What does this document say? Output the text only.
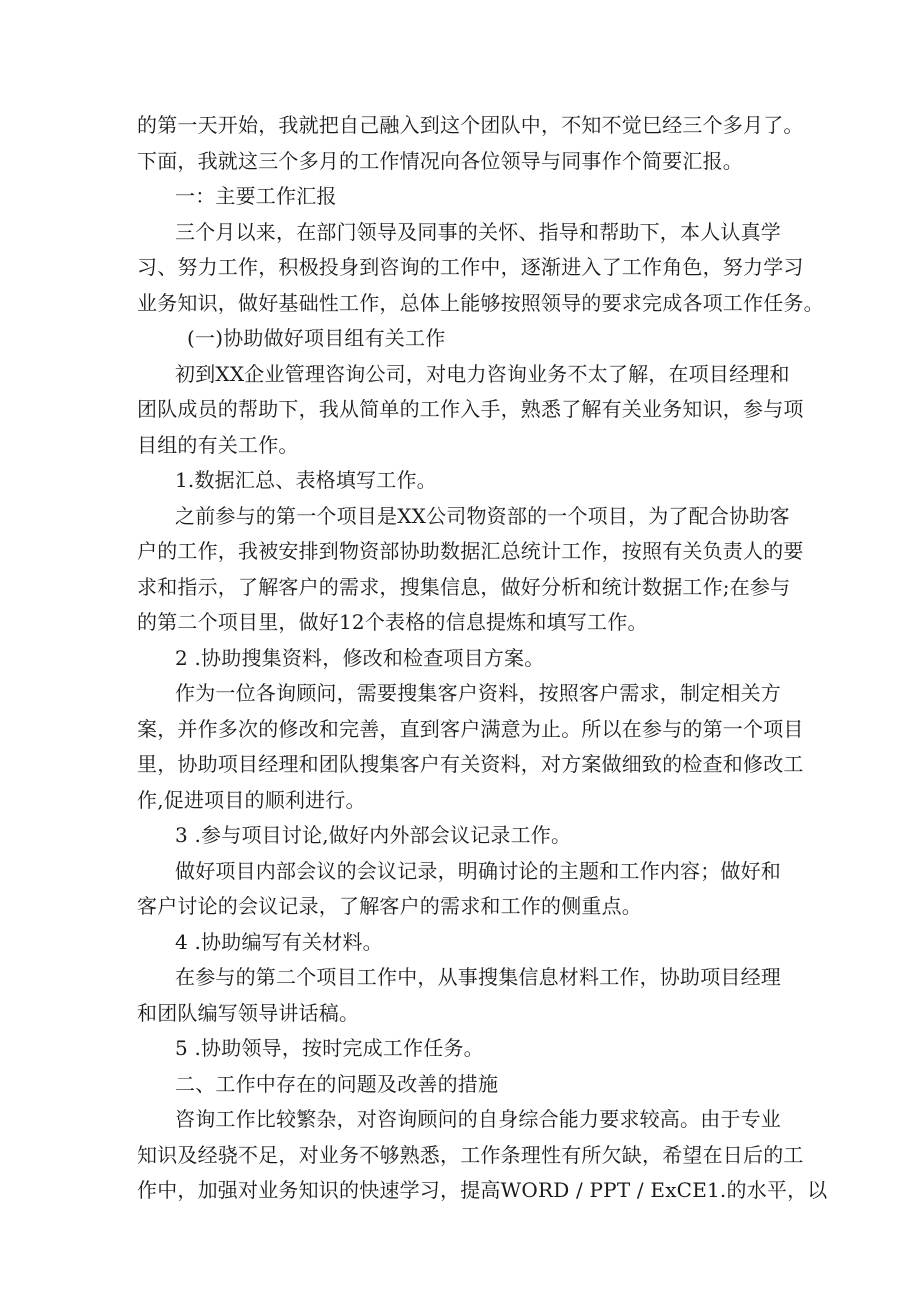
的第一天开始，我就把自己融入到这个团队中，不知不觉巳经三个多月了。
下面，我就这三个多月的工作情况向各位领导与同事作个简要汇报。
一：主要工作汇报
三个月以来，在部门领导及同事的关怀、指导和帮助下，本人认真学
习、努力工作，积极投身到咨询的工作中，逐渐进入了工作角色，努力学习
业务知识，做好基础性工作，总体上能够按照领导的要求完成各项工作任务。
(一)协助做好项目组有关工作
初到XX企业管理咨询公司，对电力咨询业务不太了解，在项目经理和
团队成员的帮助下，我从简单的工作入手，熟悉了解有关业务知识，参与项
目组的有关工作。
1.数据汇总、表格填写工作。
之前参与的第一个项目是XX公司物资部的一个项目，为了配合协助客
户的工作，我被安排到物资部协助数据汇总统计工作，按照有关负责人的要
求和指示，了解客户的需求，搜集信息，做好分析和统计数据工作;在参与
的第二个项目里，做好12个表格的信息提炼和填写工作。
2 .协助搜集资料，修改和检查项目方案。
作为一位各询顾问，需要搜集客户资料，按照客户需求，制定相关方
案，并作多次的修改和完善，直到客户满意为止。所以在参与的第一个项目
里，协助项目经理和团队搜集客户有关资料，对方案做细致的检查和修改工
作,促进项目的顺利进行。
3 .参与项目讨论,做好内外部会议记录工作。
做好项目内部会议的会议记录，明确讨论的主题和工作内容；做好和
客户讨论的会议记录，了解客户的需求和工作的侧重点。
4 .协助编写有关材料。
在参与的第二个项目工作中，从事搜集信息材料工作，协助项目经理
和团队编写领导讲话稿。
5 .协助领导，按时完成工作任务。
二、工作中存在的问题及改善的措施
咨询工作比较繁杂，对咨询顾问的自身综合能力要求较高。由于专业
知识及经骁不足，对业务不够熟悉，工作条理性有所欠缺，希望在日后的工
作中，加强对业务知识的快速学习，提高WORD / PPT / ExCE1.的水平，以
